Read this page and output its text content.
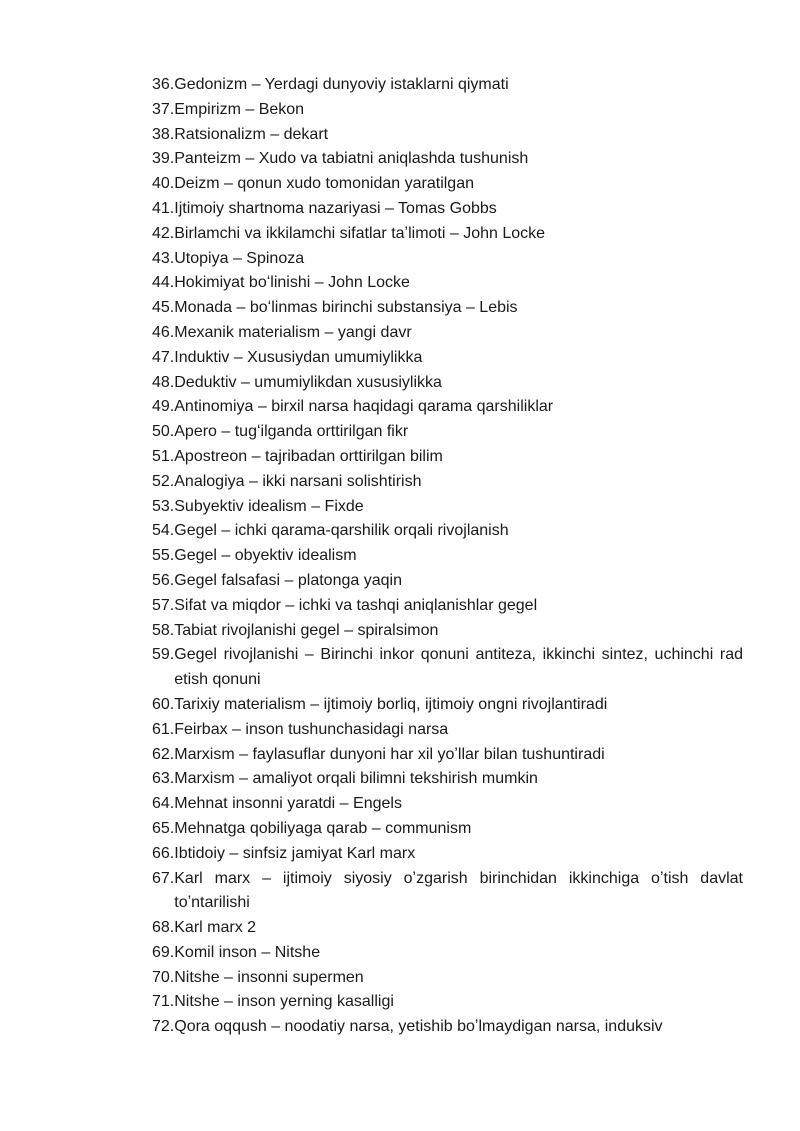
36. Gedonizm – Yerdagi dunyoviy istaklarni qiymati
37. Empirizm – Bekon
38. Ratsionalizm – dekart
39. Panteizm – Xudo va tabiatni aniqlashda tushunish
40. Deizm – qonun xudo tomonidan yaratilgan
41. Ijtimoiy shartnoma nazariyasi – Tomas Gobbs
42. Birlamchi va ikkilamchi sifatlar taʼlimoti – John Locke
43. Utopiya – Spinoza
44. Hokimiyat boʻlinishi – John Locke
45. Monada – boʻlinmas birinchi substansiya – Lebis
46. Mexanik materialism – yangi davr
47. Induktiv – Xususiydan umumiylikka
48. Deduktiv – umumiylikdan xususiylikka
49. Antinomiya – birxil narsa haqidagi qarama qarshiliklar
50. Apero – tugʻilganda orttirilgan fikr
51. Apostreon – tajribadan orttirilgan bilim
52. Analogiya – ikki narsani solishtirish
53. Subyektiv idealism – Fixde
54. Gegel – ichki qarama-qarshilik orqali rivojlanish
55. Gegel – obyektiv idealism
56. Gegel falsafasi – platonga yaqin
57. Sifat va miqdor – ichki va tashqi aniqlanishlar gegel
58. Tabiat rivojlanishi gegel – spiralsimon
59. Gegel rivojlanishi – Birinchi inkor qonuni antiteza, ikkinchi sintez, uchinchi rad etish qonuni
60. Tarixiy materialism – ijtimoiy borliq, ijtimoiy ongni rivojlantiradi
61. Feirbax – inson tushunchasidagi narsa
62. Marxism – faylasuflar dunyoni har xil yoʼllar bilan tushuntiradi
63. Marxism – amaliyot orqali bilimni tekshirish mumkin
64. Mehnat insonni yaratdi – Engels
65. Mehnatga qobiliyaga qarab – communism
66. Ibtidoiy – sinfsiz jamiyat Karl marx
67. Karl marx – ijtimoiy siyosiy oʼzgarish birinchidan ikkinchiga oʼtish davlat toʼntarilishi
68. Karl marx 2
69. Komil inson – Nitshe
70. Nitshe – insonni supermen
71. Nitshe – inson yerning kasalligi
72. Qora oqqush – noodatiy narsa, yetishib boʼlmaydigan narsa, induksiv
